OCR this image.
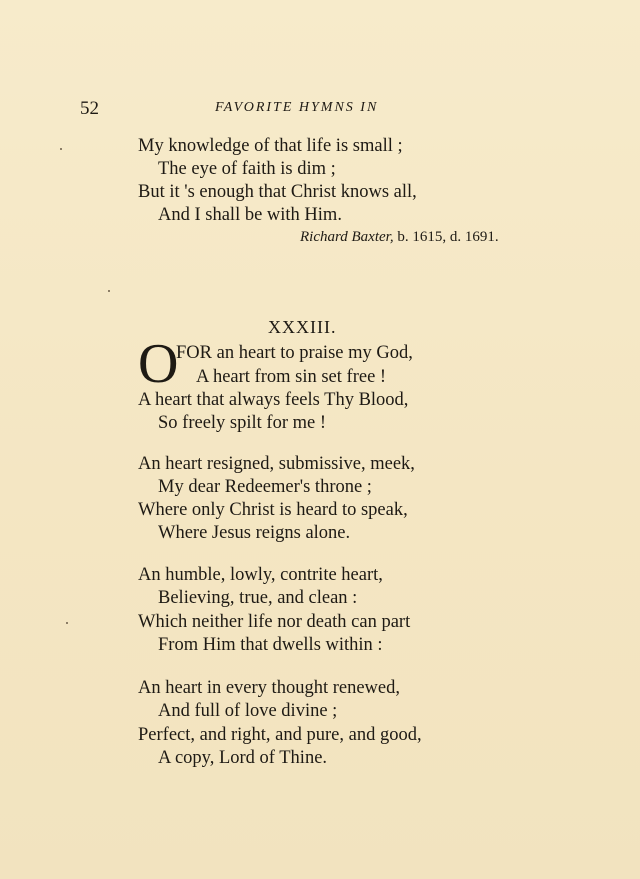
52	FAVORITE HYMNS IN
My knowledge of that life is small ;
The eye of faith is dim ;
But it 's enough that Christ knows all,
And I shall be with Him.
Richard Baxter, b. 1615, d. 1691.
XXXIII.
O
FOR an heart to praise my God,
A heart from sin set free !
A heart that always feels Thy Blood,
So freely spilt for me !
An heart resigned, submissive, meek,
My dear Redeemer's throne ;
Where only Christ is heard to speak,
Where Jesus reigns alone.
An humble, lowly, contrite heart,
Believing, true, and clean :
Which neither life nor death can part
From Him that dwells within :
An heart in every thought renewed,
And full of love divine ;
Perfect, and right, and pure, and good,
A copy, Lord of Thine.
